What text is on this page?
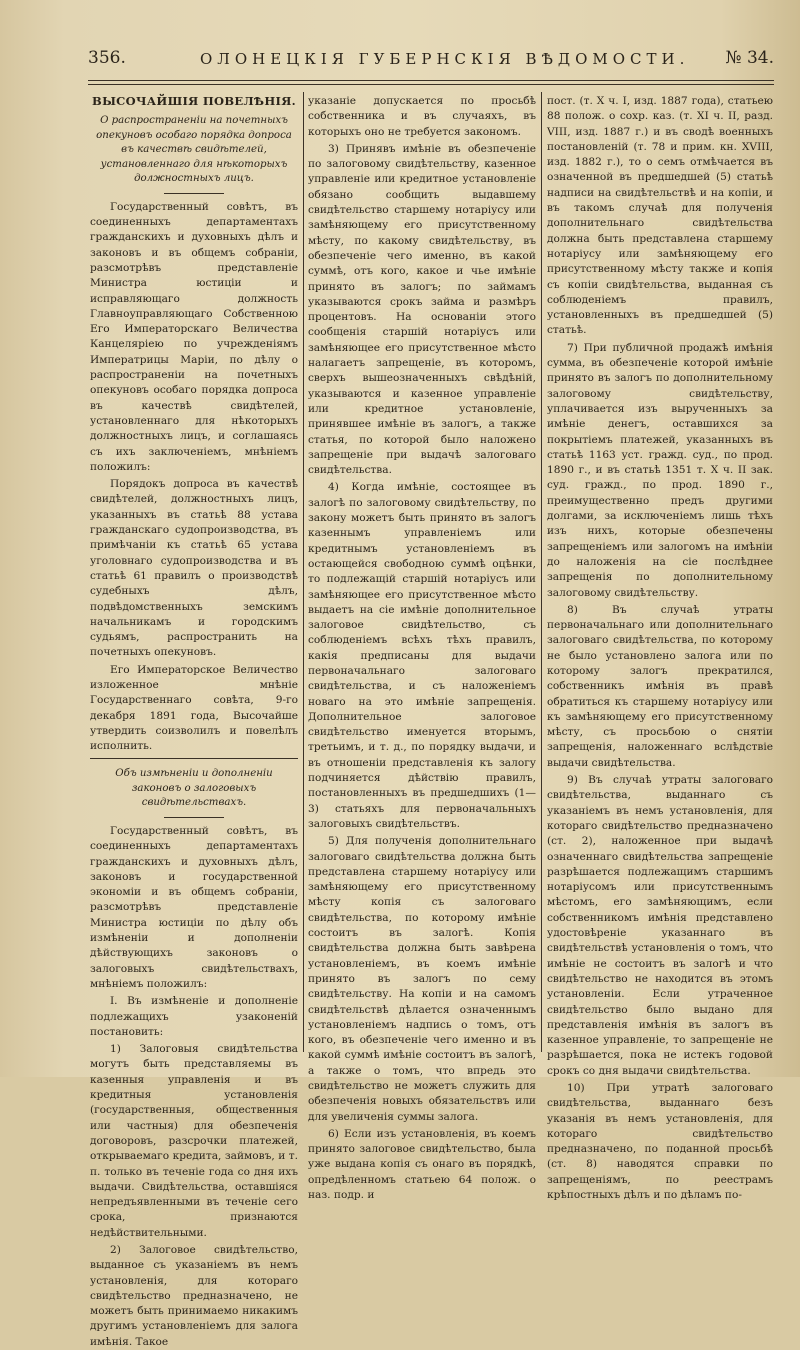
356.	ОЛОНЕЦКІЯ ГУБЕРНСКІЯ ВѢДОМОСТИ. № 34.
ВЫСОЧАЙШІЯ ПОВЕЛѢНІЯ.

О распространеніи на почетныхъ опекуновъ особаго порядка допроса въ качествѣ свидѣтелей, установленнаго для нѣкоторыхъ должностныхъ лицъ.

Государственный совѣтъ, въ соединенныхъ департаментахъ гражданскихъ и духовныхъ дѣлъ и законовъ и въ общемъ собраніи, разсмотрѣвъ представленіе Министра юстиціи и исправляющаго должность Главноуправляющаго Собственною Его Императорскаго Величества Канцеляріею по учрежденіямъ Императрицы Маріи, по дѣлу о распространеніи на почетныхъ опекуновъ особаго порядка допроса въ качествѣ свидѣтелей, установленнаго для нѣкоторыхъ должностныхъ лицъ, и соглашаясь съ ихъ заключеніемъ, мнѣніемъ положилъ:

Порядокъ допроса въ качествѣ свидѣтелей, должностныхъ лицъ, указанныхъ въ статьѣ 88 устава гражданскаго судопроизводства, въ примѣчаніи къ статьѣ 65 устава уголовнаго судопроизводства и въ статьѣ 61 правилъ о производствѣ судебныхъ дѣлъ, подвѣдомственныхъ земскимъ начальникамъ и городскимъ судьямъ, распространить на почетныхъ опекуновъ.

Его Императорское Величество изложенное мнѣніе Государственнаго совѣта, 9-го декабря 1891 года, Высочайше утвердить соизволилъ и повелѣлъ исполнить.

Объ измѣненіи и дополненіи законовъ о залоговыхъ свидѣтельствахъ.

Государственный совѣтъ, въ соединенныхъ департаментахъ гражданскихъ и духовныхъ дѣлъ, законовъ и государственной экономіи и въ общемъ собраніи, разсмотрѣвъ представленіе Министра юстиціи по дѣлу объ измѣненіи и дополненіи дѣйствующихъ законовъ о залоговыхъ свидѣтельствахъ, мнѣніемъ положилъ:

I. Въ измѣненіе и дополненіе подлежащихъ узаконеній постановить:

1) Залоговыя свидѣтельства могутъ быть представляемы въ казенныя управленія и въ кредитныя установленія (государственныя, общественныя или частныя) для обезпеченія договоровъ, разсрочки платежей, открываемаго кредита, займовъ, и т. п. только въ теченіе года со дня ихъ выдачи. Свидѣтельства, оставшіяся непредъявленными въ теченіе сего срока, признаются недѣйствительными.

2) Залоговое свидѣтельство, выданное съ указаніемъ въ немъ установленія, для котораго свидѣтельство предназначено, не можетъ быть принимаемо никакимъ другимъ установленіемъ для залога имѣнія. Такое

указаніе допускается по просьбѣ собственника и въ случаяхъ, въ которыхъ оно не требуется закономъ.

3) Принявъ имѣніе въ обезпеченіе по залоговому свидѣтельству, казенное управленіе или кредитное установленіе обязано сообщить выдавшему свидѣтельство старшему нотаріусу или замѣняющему его присутственному мѣсту, по какому свидѣтельству, въ обезпеченіе чего именно, въ какой суммѣ, отъ кого, какое и чье имѣніе принято въ залогъ; по займамъ указываются срокъ займа и размѣръ процентовъ. На основаніи этого сообщенія старшій нотаріусъ или замѣняющее его присутственное мѣсто налагаетъ запрещеніе, въ которомъ, сверхъ вышеозначенныхъ свѣдѣній, указываются и казенное управленіе или кредитное установленіе, принявшее имѣніе въ залогъ, а также статья, по которой было наложено запрещеніе при выдачѣ залоговаго свидѣтельства.

4) Когда имѣніе, состоящее въ залогѣ по залоговому свидѣтельству, по закону можетъ быть принято въ залогъ казеннымъ управленіемъ или кредитнымъ установленіемъ въ остающейся свободною суммѣ оцѣнки, то подлежащій старшій нотаріусъ или замѣняющее его присутственное мѣсто выдаетъ на сіе имѣніе дополнительное залоговое свидѣтельство, съ соблюденіемъ всѣхъ тѣхъ правилъ, какія предписаны для выдачи первоначальнаго залоговаго свидѣтельства, и съ наложеніемъ новаго на это имѣніе запрещенія. Дополнительное залоговое свидѣтельство именуется вторымъ, третьимъ, и т. д., по порядку выдачи, и въ отношеніи представленія къ залогу подчиняется дѣйствію правилъ, постановленныхъ въ предшедшихъ (1—3) статьяхъ для первоначальныхъ залоговыхъ свидѣтельствъ.

5) Для полученія дополнительнаго залоговаго свидѣтельства должна быть представлена старшему нотаріусу или замѣняющему его присутственному мѣсту копія съ залоговаго свидѣтельства, по которому имѣніе состоитъ въ залогѣ. Копія свидѣтельства должна быть завѣрена установленіемъ, въ коемъ имѣніе принято въ залогъ по сему свидѣтельству. На копіи и на самомъ свидѣтельствѣ дѣлается означеннымъ установленіемъ надпись о томъ, отъ кого, въ обезпеченіе чего именно и въ какой суммѣ имѣніе состоитъ въ залогѣ, а также о томъ, что впредь это свидѣтельство не можетъ служить для обезпеченія новыхъ обязательствъ или для увеличенія суммы залога.

6) Если изъ установленія, въ коемъ принято залоговое свидѣтельство, была уже выдана копія съ онаго въ порядкѣ, опредѣленномъ статьею 64 полож. о наз. подр. и

пост. (т. X ч. I, изд. 1887 года), статьею 88 полож. о сохр. каз. (т. XI ч. II, разд. VIII, изд. 1887 г.) и въ сводѣ военныхъ постановленій (т. 78 и прим. кн. XVIII, изд. 1882 г.), то о семъ отмѣчается въ означенной въ предшедшей (5) статьѣ надписи на свидѣтельствѣ и на копіи, и въ такомъ случаѣ для полученія дополнительнаго свидѣтельства должна быть представлена старшему нотаріусу или замѣняющему его присутственному мѣсту также и копія съ копіи свидѣтельства, выданная съ соблюденіемъ правилъ, установленныхъ въ предшедшей (5) статьѣ.

7) При публичной продажѣ имѣнія сумма, въ обезпеченіе которой имѣніе принято въ залогъ по дополнительному залоговому свидѣтельству, уплачивается изъ вырученныхъ за имѣніе денегъ, оставшихся за покрытіемъ платежей, указанныхъ въ статьѣ 1163 уст. гражд. суд., по прод. 1890 г., и въ статьѣ 1351 т. X ч. II зак. суд. гражд., по прод. 1890 г., преимущественно предъ другими долгами, за исключеніемъ лишь тѣхъ изъ нихъ, которые обезпечены запрещеніемъ или залогомъ на имѣніи до наложенія на сіе послѣднее запрещенія по дополнительному залоговому свидѣтельству.

8) Въ случаѣ утраты первоначальнаго или дополнительнаго залоговаго свидѣтельства, по которому не было установлено залога или по которому залогъ прекратился, собственникъ имѣнія въ правѣ обратиться къ старшему нотаріусу или къ замѣняющему его присутственному мѣсту, съ просьбою о снятіи запрещенія, наложеннаго вслѣдствіе выдачи свидѣтельства.

9) Въ случаѣ утраты залоговаго свидѣтельства, выданнаго съ указаніемъ въ немъ установленія, для котораго свидѣтельство предназначено (ст. 2), наложенное при выдачѣ означеннаго свидѣтельства запрещеніе разрѣшается подлежащимъ старшимъ нотаріусомъ или присутственнымъ мѣстомъ, его замѣняющимъ, если собственникомъ имѣнія представлено удостовѣреніе указаннаго въ свидѣтельствѣ установленія о томъ, что имѣніе не состоитъ въ залогѣ и что свидѣтельство не находится въ этомъ установленіи. Если утраченное свидѣтельство было выдано для представленія имѣнія въ залогъ въ казенное управленіе, то запрещеніе не разрѣшается, пока не истекъ годовой срокъ со дня выдачи свидѣтельства.

10) При утратѣ залоговаго свидѣтельства, выданнаго безъ указанія въ немъ установленія, для котораго свидѣтельство предназначено, по поданной просьбѣ (ст. 8) наводятся справки по запрещеніямъ, по реестрамъ крѣпостныхъ дѣлъ и по дѣламъ по-
